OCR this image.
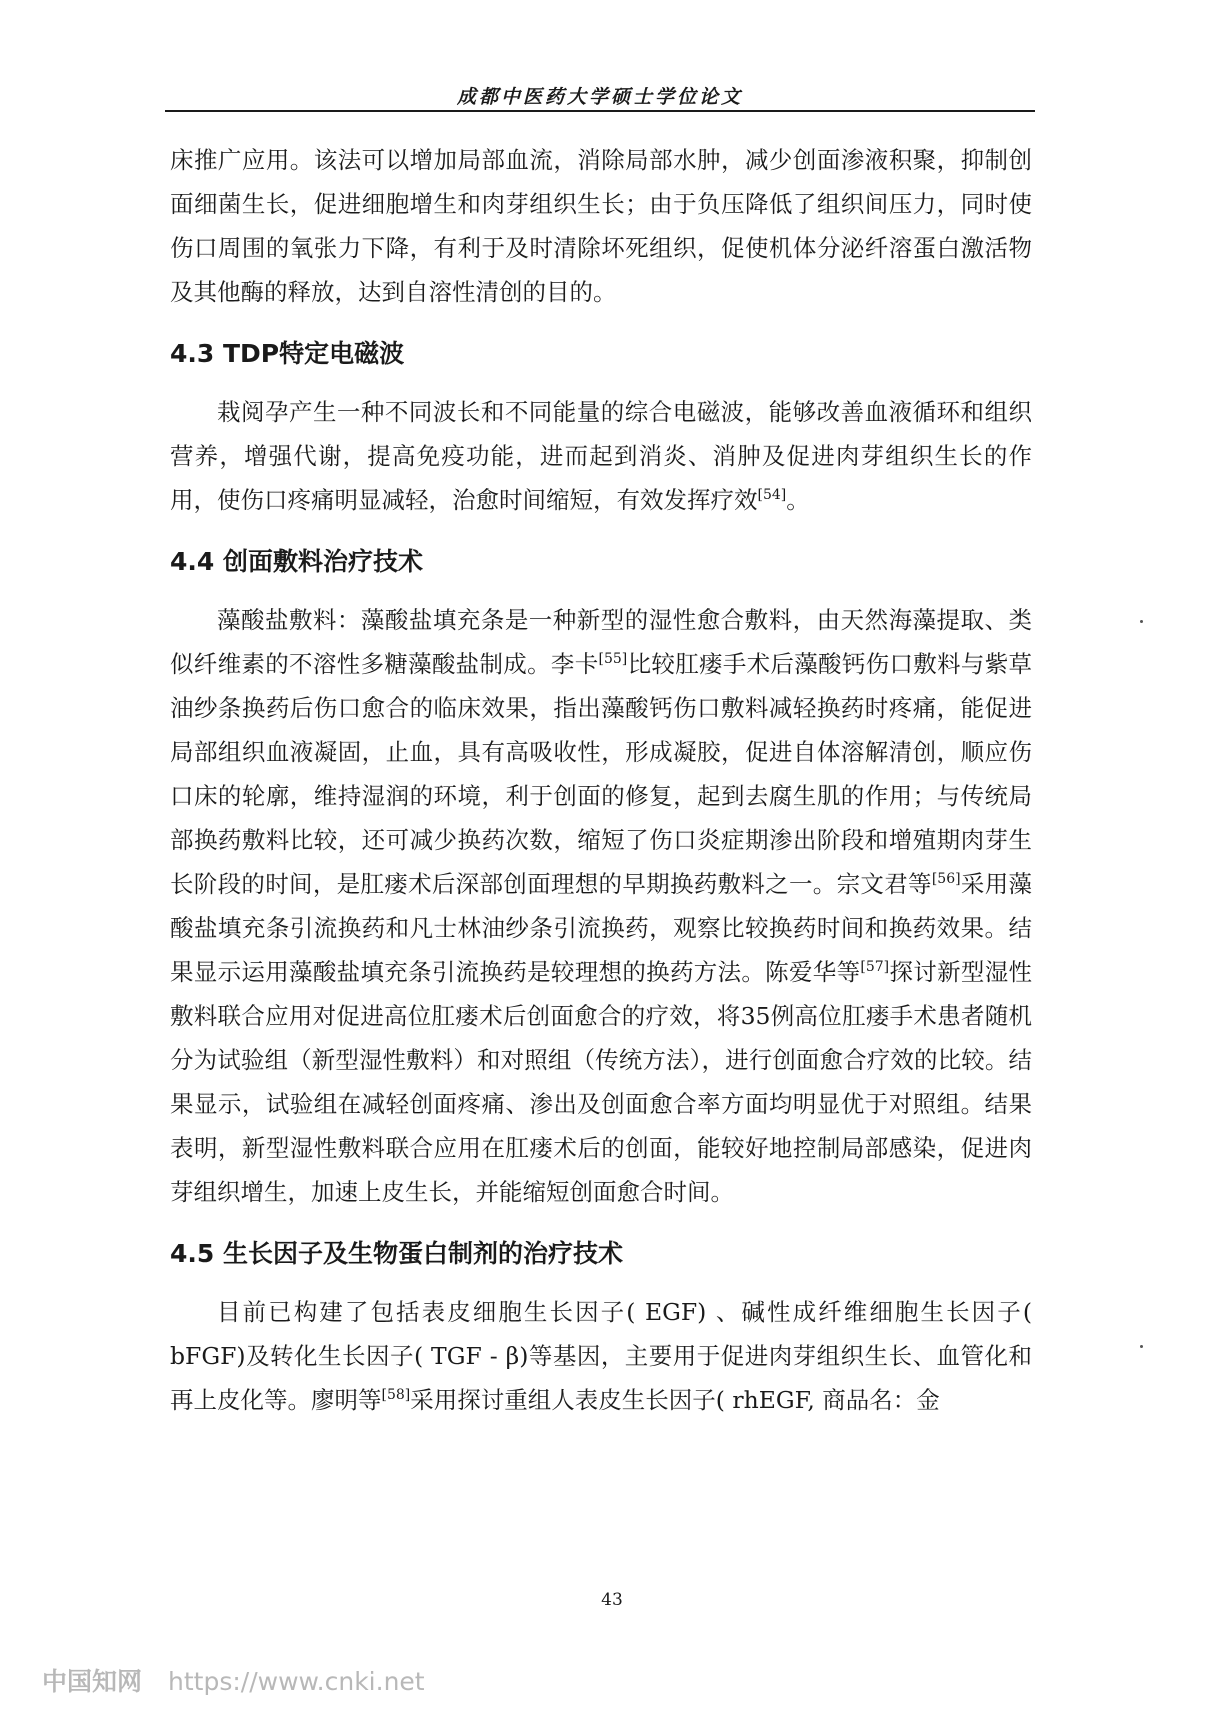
成都中医药大学硕士学位论文

床推广应用。该法可以增加局部血流，消除局部水肿，减少创面渗液积聚，抑制创面细菌生长，促进细胞增生和肉芽组织生长；由于负压降低了组织间压力，同时使伤口周围的氧张力下降，有利于及时清除坏死组织，促使机体分泌纤溶蛋白激活物及其他酶的释放，达到自溶性清创的目的。

4.3 TDP特定电磁波

栽阅孕产生一种不同波长和不同能量的综合电磁波，能够改善血液循环和组织营养，增强代谢，提高免疫功能，进而起到消炎、消肿及促进肉芽组织生长的作用，使伤口疼痛明显减轻，治愈时间缩短，有效发挥疗效[54]。

4.4 创面敷料治疗技术

藻酸盐敷料：藻酸盐填充条是一种新型的湿性愈合敷料，由天然海藻提取、类似纤维素的不溶性多糖藻酸盐制成。李卡[55]比较肛瘘手术后藻酸钙伤口敷料与紫草油纱条换药后伤口愈合的临床效果，指出藻酸钙伤口敷料减轻换药时疼痛，能促进局部组织血液凝固，止血，具有高吸收性，形成凝胶，促进自体溶解清创，顺应伤口床的轮廓，维持湿润的环境，利于创面的修复，起到去腐生肌的作用；与传统局部换药敷料比较，还可减少换药次数，缩短了伤口炎症期渗出阶段和增殖期肉芽生长阶段的时间，是肛瘘术后深部创面理想的早期换药敷料之一。宗文君等[56]采用藻酸盐填充条引流换药和凡士林油纱条引流换药，观察比较换药时间和换药效果。结果显示运用藻酸盐填充条引流换药是较理想的换药方法。陈爱华等[57]探讨新型湿性敷料联合应用对促进高位肛瘘术后创面愈合的疗效，将35例高位肛瘘手术患者随机分为试验组（新型湿性敷料）和对照组（传统方法），进行创面愈合疗效的比较。结果显示，试验组在减轻创面疼痛、渗出及创面愈合率方面均明显优于对照组。结果表明，新型湿性敷料联合应用在肛瘘术后的创面，能较好地控制局部感染，促进肉芽组织增生，加速上皮生长，并能缩短创面愈合时间。

4.5 生长因子及生物蛋白制剂的治疗技术

目前已构建了包括表皮细胞生长因子( EGF) 、碱性成纤维细胞生长因子( bFGF)及转化生长因子( TGF - β)等基因，主要用于促进肉芽组织生长、血管化和再上皮化等。廖明等[58]采用探讨重组人表皮生长因子( rhEGF, 商品名：金

43
中国知网 https://www.cnki.net
